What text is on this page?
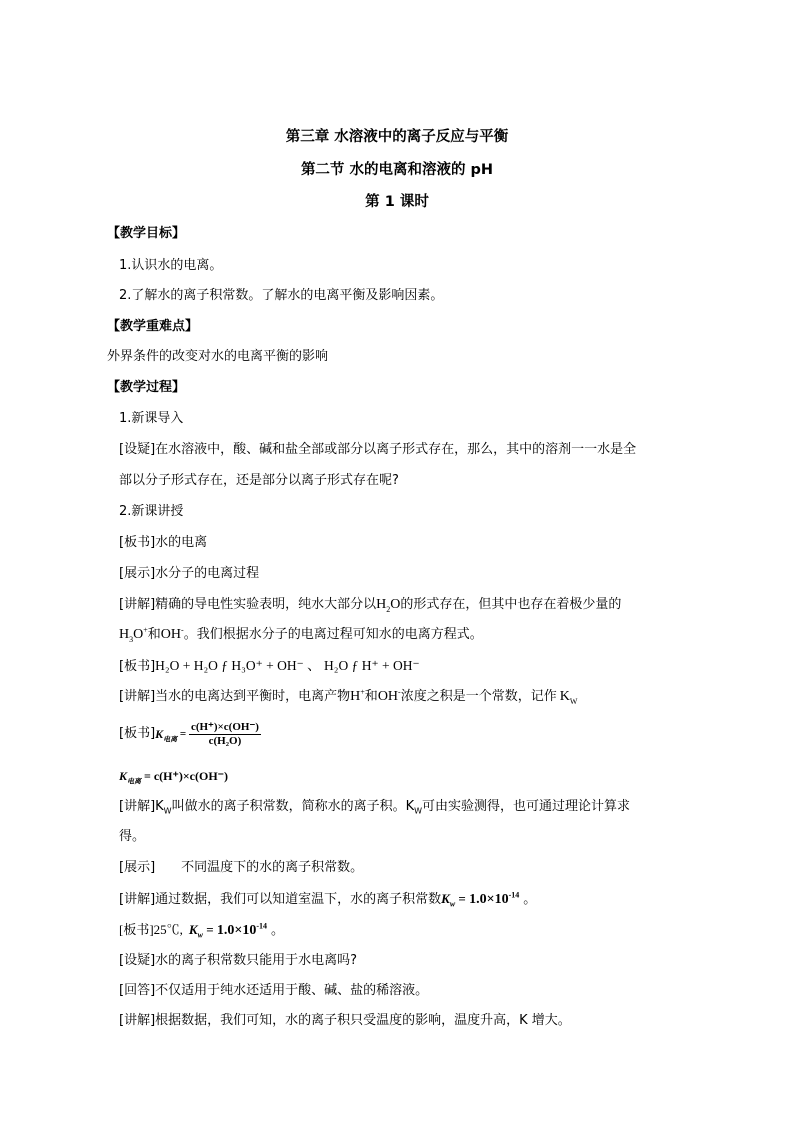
第三章 水溶液中的离子反应与平衡
第二节 水的电离和溶液的 pH
第 1 课时
【教学目标】
1.认识水的电离。
2.了解水的离子积常数。了解水的电离平衡及影响因素。
【教学重难点】
外界条件的改变对水的电离平衡的影响
【教学过程】
1.新课导入
[设疑]在水溶液中，酸、碱和盐全部或部分以离子形式存在，那么，其中的溶剂一一水是全
部以分子形式存在，还是部分以离子形式存在呢?
2.新课讲授
[板书]水的电离
[展示]水分子的电离过程
[讲解]精确的导电性实验表明，纯水大部分以$H_2O$的形式存在，但其中也存在着极少量的
$H_3O^+$和OH-。我们根据水分子的电离过程可知水的电离方程式。
[板书]H₂O + H₂O ƒ H₃O⁺ + OH⁻ 、 H₂O ƒ H⁺ + OH⁻
[讲解]当水的电离达到平衡时，电离产物H+和OH-浓度之积是一个常数，记作 $K_W$
[板书]$K_{电离} = \frac{c(H^+)\times c(OH^-)}{\text{c(H₂O)}}$
$K_{电离} = c(H^+)\times c(OH^-)$
[讲解]$K_W$叫做水的离子积常数，简称水的离子积。$K_W$可由实验测得，也可通过理论计算求
得。
[展示] 不同温度下的水的离子积常数。
[讲解]通过数据，我们可以知道室温下，水的离子积常数$K_w = 1.0\times 10^{-14}$ 。
[板书]25℃, $K_w = 1.0\times 10^{-14}$ 。
[设疑]水的离子积常数只能用于水电离吗?
[回答]不仅适用于纯水还适用于酸、碱、盐的稀溶液。
[讲解]根据数据，我们可知，水的离子积只受温度的影响，温度升高，K 增大。
